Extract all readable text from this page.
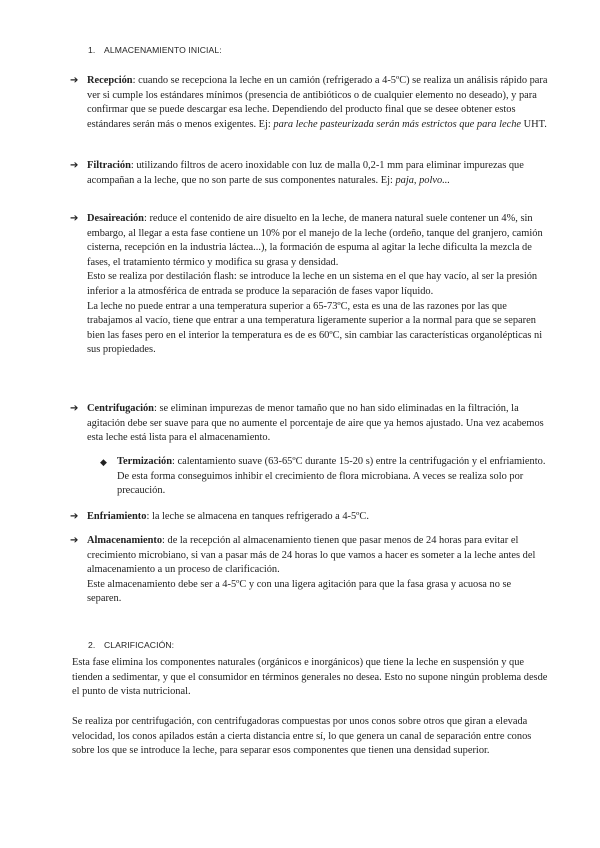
1. ALMACENAMIENTO INICIAL:
➔ Recepción: cuando se recepciona la leche en un camión (refrigerado a 4-5ºC) se realiza un análisis rápido para ver si cumple los estándares mínimos (presencia de antibióticos o de cualquier elemento no deseado), y para confirmar que se puede descargar esa leche. Dependiendo del producto final que se desee obtener estos estándares serán más o menos exigentes. Ej: para leche pasteurizada serán más estrictos que para leche UHT.

➔ Filtración: utilizando filtros de acero inoxidable con luz de malla 0,2-1 mm para eliminar impurezas que acompañan a la leche, que no son parte de sus componentes naturales. Ej: paja, polvo...

➔ Desaireación: reduce el contenido de aire disuelto en la leche, de manera natural suele contener un 4%, sin embargo, al llegar a esta fase contiene un 10% por el manejo de la leche (ordeño, tanque del granjero, camión cisterna, recepción en la industria láctea...), la formación de espuma al agitar la leche dificulta la mezcla de fases, el tratamiento térmico y modifica su grasa y densidad.

Esto se realiza por destilación flash: se introduce la leche en un sistema en el que hay vacío, al ser la presión inferior a la atmosférica de entrada se produce la separación de fases vapor líquido.

La leche no puede entrar a una temperatura superior a 65-73ºC, esta es una de las razones por las que trabajamos al vacío, tiene que entrar a una temperatura ligeramente superior a la normal para que se separen bien las fases pero en el interior la temperatura es de es 60ºC, sin cambiar las características organolépticas ni sus propiedades.

➔ Centrifugación: se eliminan impurezas de menor tamaño que no han sido eliminadas en la filtración, la agitación debe ser suave para que no aumente el porcentaje de aire que ya hemos ajustado. Una vez acabemos esta leche está lista para el almacenamiento.

◆ Termización: calentamiento suave (63-65ºC durante 15-20 s) entre la centrifugación y el enfriamiento. De esta forma conseguimos inhibir el crecimiento de flora microbiana. A veces se realiza solo por precaución.

➔ Enfriamiento: la leche se almacena en tanques refrigerado a 4-5ºC.

➔ Almacenamiento: de la recepción al almacenamiento tienen que pasar menos de 24 horas para evitar el crecimiento microbiano, si van a pasar más de 24 horas lo que vamos a hacer es someter a la leche antes del almacenamiento a un proceso de clarificación.

Este almacenamiento debe ser a 4-5ºC y con una ligera agitación para que la fasa grasa y acuosa no se separen.

2. CLARIFICACIÓN:

Esta fase elimina los componentes naturales (orgánicos e inorgánicos) que tiene la leche en suspensión y que tienden a sedimentar, y que el consumidor en términos generales no desea. Esto no supone ningún problema desde el punto de vista nutricional.

Se realiza por centrifugación, con centrifugadoras compuestas por unos conos sobre otros que giran a elevada velocidad, los conos apilados están a cierta distancia entre sí, lo que genera un canal de separación entre conos sobre los que se introduce la leche, para separar esos componentes que tienen una densidad superior.
